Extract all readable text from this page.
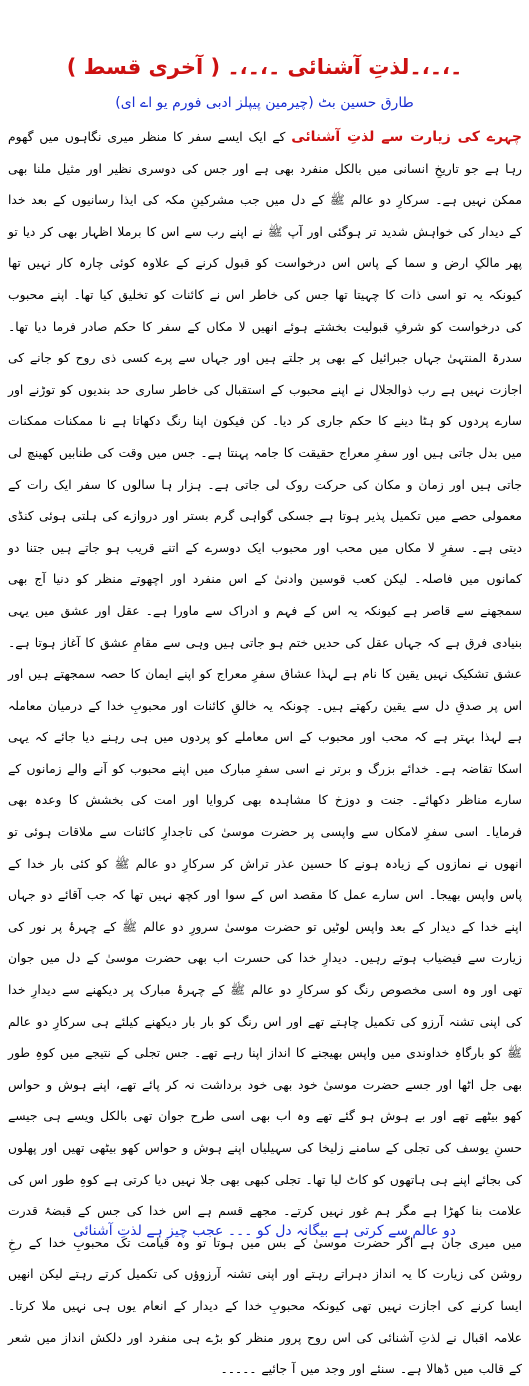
۔،۔،۔لذتِ آشنائی ۔،۔،۔ ( آخری قسط )
طارق حسین بٹ (چیرمین پیپلز ادبی فورم یو اے ای)
چہرے کی زیارت سے لذتِ آشنائی کے ایک ایسے سفر کا منظر میری نگاہوں میں گھوم رہا ہے جو تاریخِ انسانی میں بالکل منفرد بھی ہے اور جس کی دوسری نظیر اور مثیل ملنا بھی ممکن نہیں ہے۔ سرکارِ دو عالم ﷺ کے دل میں جب مشرکینِ مکہ کی ایذا رسانیوں کے بعد خدا کے دیدار کی خواہش شدید تر ہوگئی اور آپ ﷺ نے اپنے رب سے اس کا برملا اظہار بھی کر دیا تو پھر مالکِ ارض و سما کے پاس اس درخواست کو قبول کرنے کے علاوہ کوئی چارہ کار نہیں تھا کیونکہ یہ تو اسی ذات کا چہیتا تھا جس کی خاطر اس نے کائنات کو تخلیق کیا تھا۔ اپنے محبوب کی درخواست کو شرفِ قبولیت بخشتے ہوئے انھیں لا مکاں کے سفر کا حکم صادر فرما دیا تھا۔ سدرۃ المنتہیٰ جہاں جبرائیل کے بھی پر جلتے ہیں اور جہاں سے پرے کسی ذی روح کو جانے کی اجازت نہیں ہے رب ذوالجلال نے اپنے محبوب کے استقبال کی خاطر ساری حد بندیوں کو توڑنے اور سارے پردوں کو ہٹا دینے کا حکم جاری کر دیا۔ کن فیکون اپنا رنگ دکھاتا ہے نا ممکنات ممکنات میں بدل جاتی ہیں اور سفرِ معراج حقیقت کا جامہ پہنتا ہے۔ جس میں وقت کی طنابیں کھینچ لی جاتی ہیں اور زمان و مکان کی حرکت روک لی جاتی ہے۔ ہزار ہا سالوں کا سفر ایک رات کے معمولی حصے میں تکمیل پذیر ہوتا ہے جسکی گواہی گرم بستر اور دروازے کی ہلتی ہوئی کنڈی دیتی ہے۔ سفرِ لا مکاں میں محب اور محبوب ایک دوسرے کے اتنے قریب ہو جاتے ہیں جتنا دو کمانوں میں فاصلہ۔ لیکن کعب قوسین وادنیٰ کے اس منفرد اور اچھوتے منظر کو دنیا آج بھی سمجھنے سے قاصر ہے کیونکہ یہ اس کے فہم و ادراک سے ماورا ہے۔ عقل اور عشق میں یہی بنیادی فرق ہے کہ جہاں عقل کی حدیں ختم ہو جاتی ہیں وہی سے مقامِ عشق کا آغاز ہوتا ہے۔ عشق تشکیک نہیں یقین کا نام ہے لہذا عشاق سفرِ معراج کو اپنے ایمان کا حصہ سمجھتے ہیں اور اس پر صدقِ دل سے یقین رکھتے ہیں۔ چونکہ یہ خالقِ کائنات اور محبوبِ خدا کے درمیان معاملہ ہے لہذا بہتر ہے کہ محب اور محبوب کے اس معاملے کو پردوں میں ہی رہنے دیا جائے کہ یہی اسکا تقاضہ ہے۔ خدائے بزرگ و برتر نے اسی سفرِ مبارک میں اپنے محبوب کو آنے والے زمانوں کے سارے مناظر دکھائے۔ جنت و دوزخ کا مشاہدہ بھی کروایا اور امت کی بخشش کا وعدہ بھی فرمایا۔ اسی سفرِ لامکاں سے واپسی پر حضرت موسیٰ کی تاجدارِ کائنات سے ملاقات ہوئی تو انھوں نے نمازوں کے زیادہ ہونے کا حسین عذر تراش کر سرکارِ دو عالم ﷺ کو کئی بار خدا کے پاس واپس بھیجا۔ اس سارے عمل کا مقصد اس کے سوا اور کچھ نہیں تھا کہ جب آقائے دو جہاں اپنے خدا کے دیدار کے بعد واپس لوٹیں تو حضرت موسیٰ سرورِ دو عالم ﷺ کے چہرۂ پر نور کی زیارت سے فیضیاب ہوتے رہیں۔ دیدارِ خدا کی حسرت اب بھی حضرت موسیٰ کے دل میں جوان تھی اور وہ اسی مخصوص رنگ کو سرکارِ دو عالم ﷺ کے چہرۂ مبارک پر دیکھنے سے دیدارِ خدا کی اپنی تشنہ آرزو کی تکمیل چاہتے تھے اور اس رنگ کو بار بار دیکھنے کیلئے ہی سرکارِ دو عالم ﷺ کو بارگاہِ خداوندی میں واپس بھیجنے کا انداز اپنا رہے تھے۔ جس تجلی کے نتیجے میں کوہِ طور بھی جل اٹھا اور جسے حضرت موسیٰ خود بھی خود برداشت نہ کر پائے تھے، اپنے ہوش و حواس کھو بیٹھے تھے اور بے ہوش ہو گئے تھے وہ اب بھی اسی طرح جوان تھی بالکل ویسے ہی جیسے حسنِ یوسف کی تجلی کے سامنے زلیخا کی سہیلیاں اپنے ہوش و حواس کھو بیٹھی تھیں اور پھلوں کی بجائے اپنے ہی ہاتھوں کو کاٹ لیا تھا۔ تجلی کبھی بھی جلا نہیں دیا کرتی ہے کوہِ طور اس کی علامت بنا کھڑا ہے مگر ہم غور نہیں کرتے۔ مجھے قسم ہے اس خدا کی جس کے قبضۂ قدرت میں میری جان ہے اگر حضرت موسیٰ کے بس میں ہوتا تو وہ قیامت تک محبوبِ خدا کے رخِ روشن کی زیارت کا یہ انداز دہراتے رہتے اور اپنی تشنہ آرزوؤں کی تکمیل کرتے رہتے لیکن انھیں ایسا کرنے کی اجازت نہیں تھی کیونکہ محبوبِ خدا کے دیدار کے انعام یوں ہی نہیں ملا کرتا۔ علامہ اقبال نے لذتِ آشنائی کی اس روح پرور منظر کو بڑے ہی منفرد اور دلکش انداز میں شعر کے قالب میں ڈھالا ہے۔ سنئے اور وجد میں آ جائیے ۔۔۔۔۔
دو عالم سے کرتی ہے بیگانہ دل کو ۔۔۔ عجب چیز ہے لذتِ آشنائی
